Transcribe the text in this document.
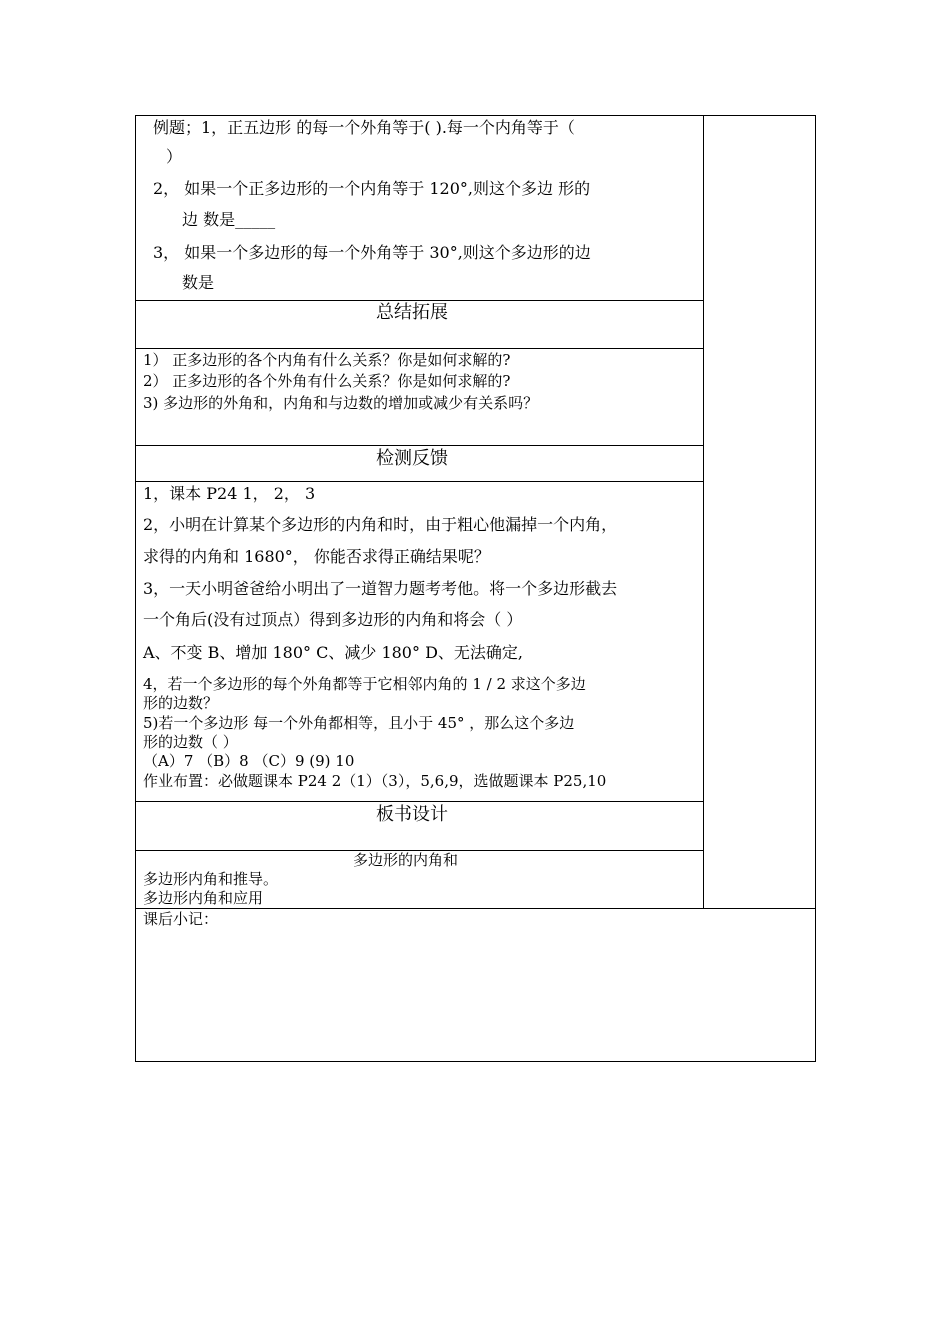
例题；1，正五边形 的每一个外角等于( ).每一个内角等于（
）
2， 如果一个正多边形的一个内角等于 120°,则这个多边 形的
边 数是_____
3， 如果一个多边形的每一个外角等于 30°,则这个多边形的边
数是
总结拓展
1） 正多边形的各个内角有什么关系？你是如何求解的?
2） 正多边形的各个外角有什么关系？你是如何求解的?
3) 多边形的外角和，内角和与边数的增加或减少有关系吗？
检测反馈
1，课本 P24 1， 2， 3
2，小明在计算某个多边形的内角和时，由于粗心他漏掉一个内角，
求得的内角和 1680°， 你能否求得正确结果呢？
3，一天小明爸爸给小明出了一道智力题考考他。将一个多边形截去
一个角后(没有过顶点）得到多边形的内角和将会（ ）
A、不变 B、增加 180° C、减少 180° D、无法确定,
4，若一个多边形的每个外角都等于它相邻内角的 1 / 2 求这个多边
形的边数？
5)若一个多边形 每一个外角都相等，且小于 45° ，那么这个多边
形的边数（ ）
（A）7 （B）8 （C）9 (9) 10
作业布置：必做题课本 P24 2（1）（3），5,6,9，选做题课本 P25,10
板书设计
多边形的内角和
多边形内角和推导。
多边形内角和应用
课后小记：
